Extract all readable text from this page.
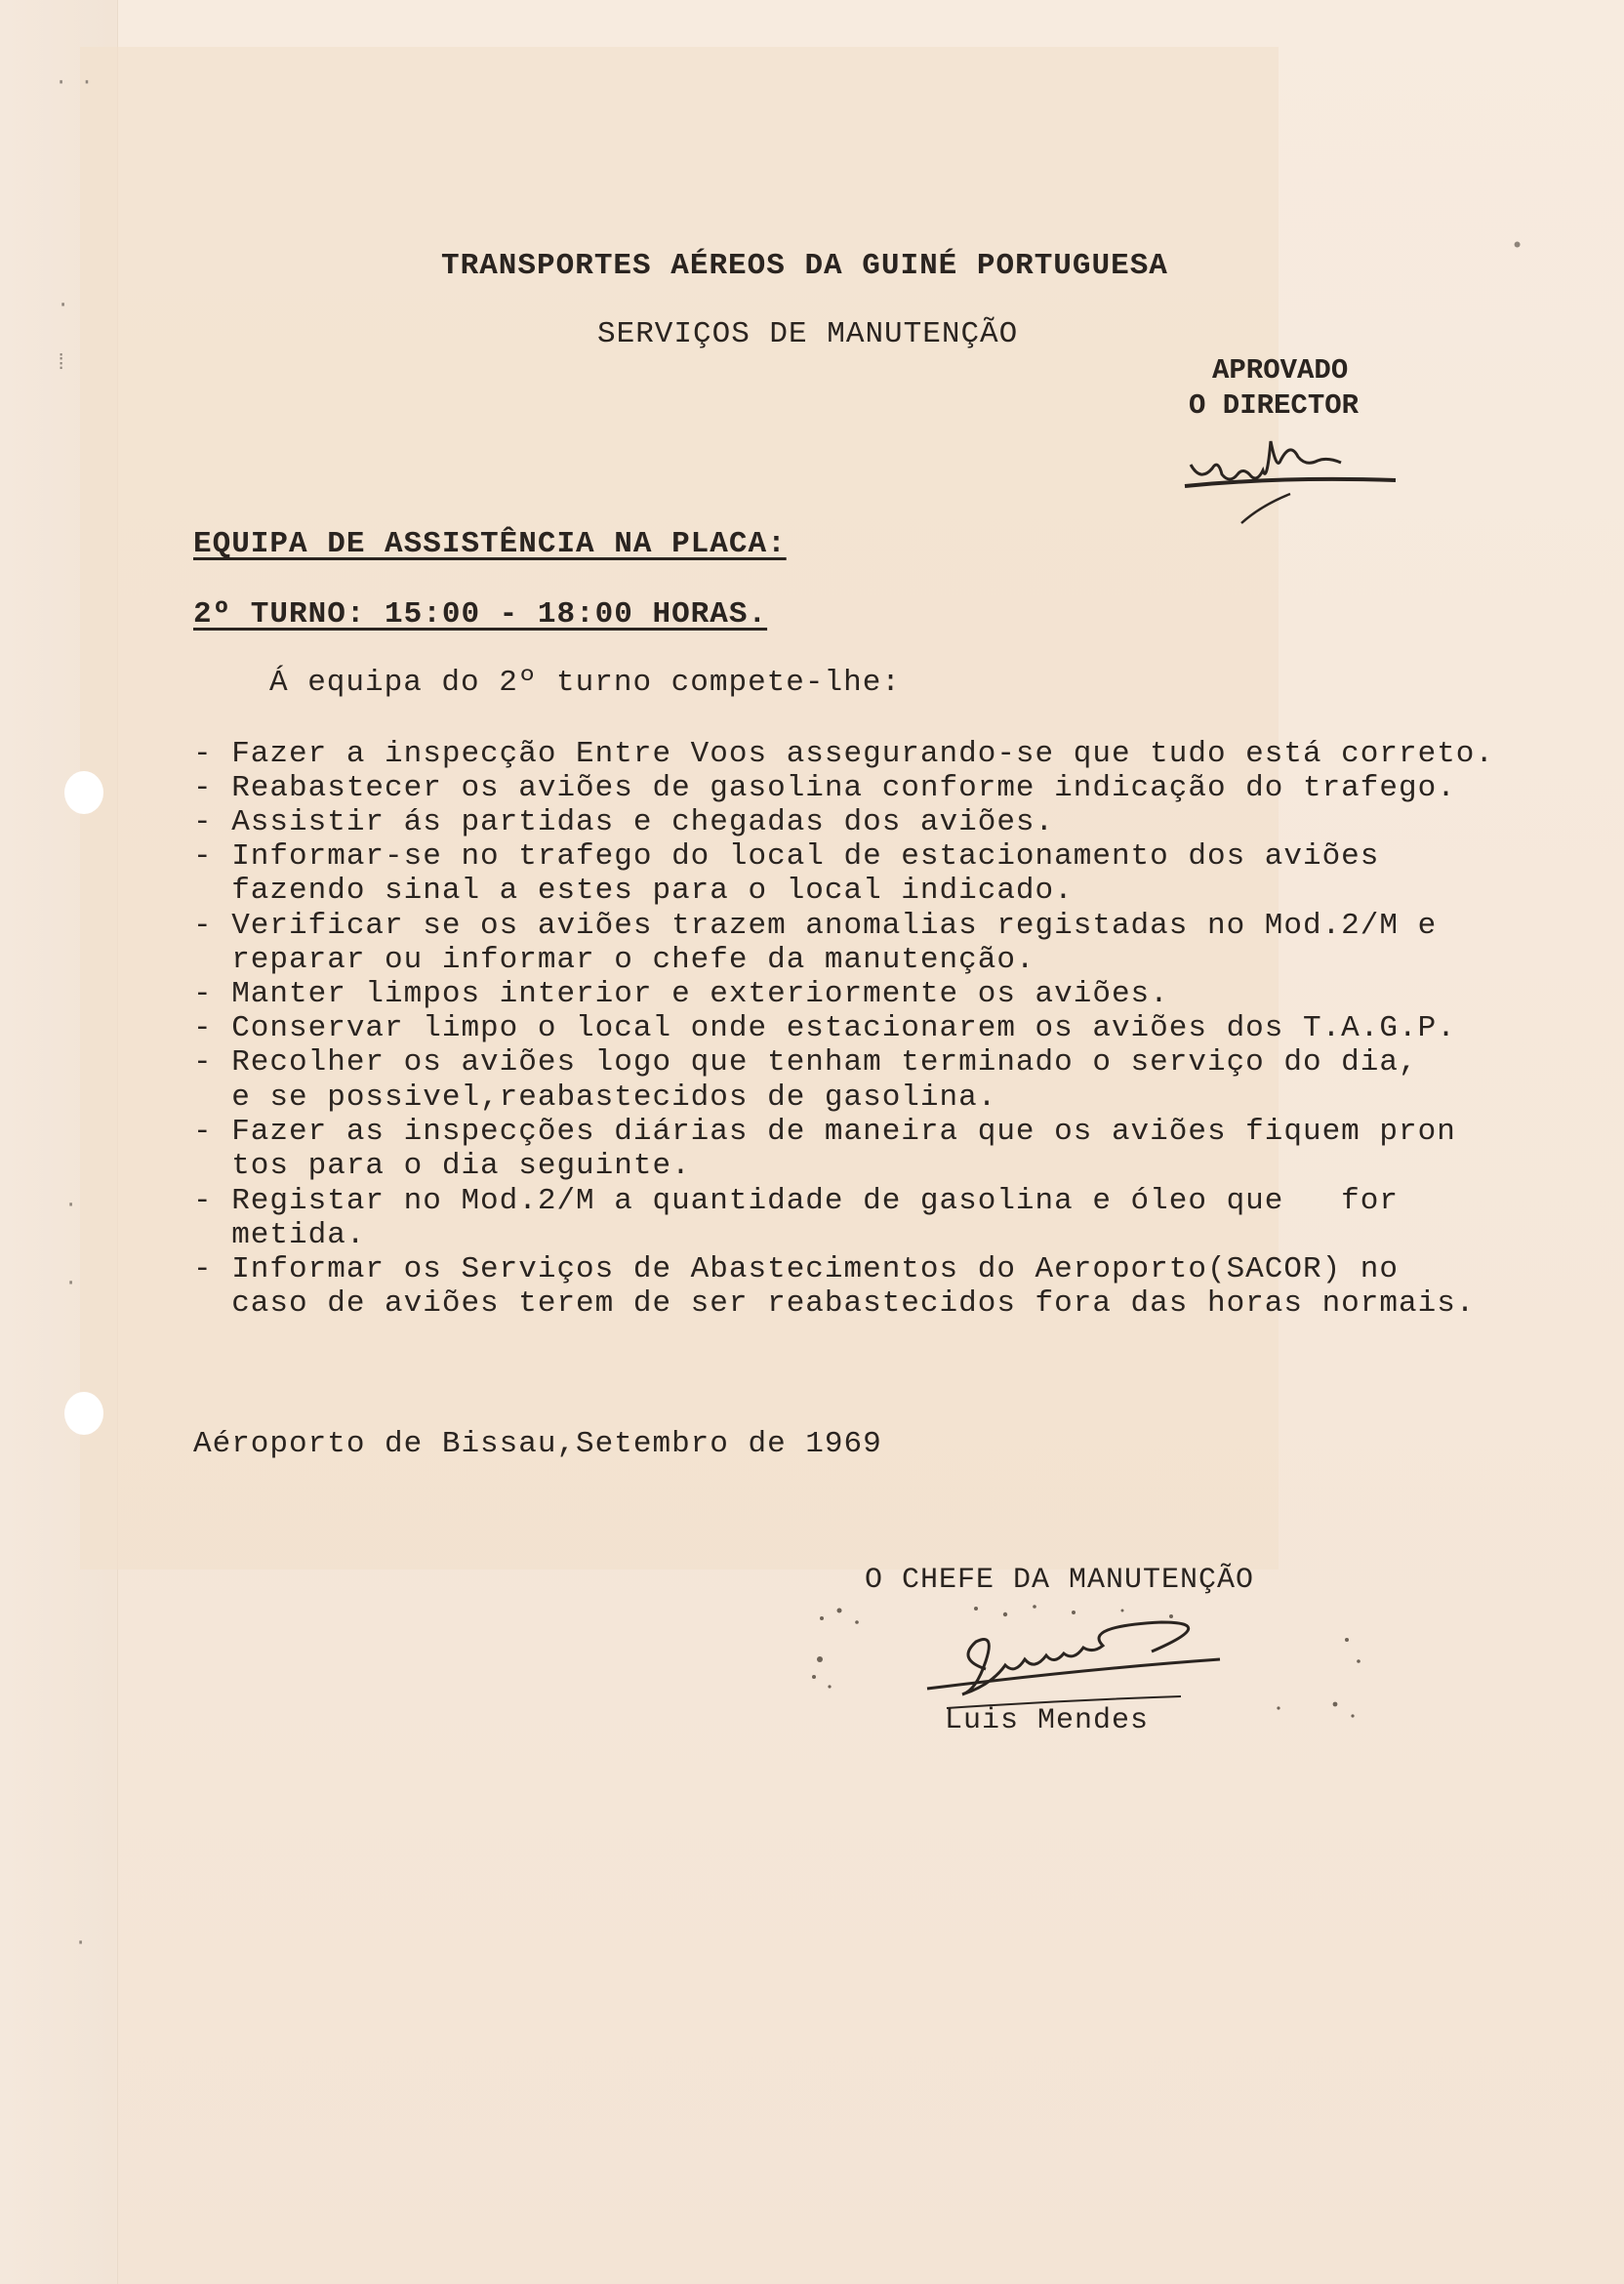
· ·
·
⁞
·
·
·
•
TRANSPORTES AÉREOS DA GUINÉ PORTUGUESA
SERVIÇOS DE MANUTENÇÃO
APROVADO
O DIRECTOR
EQUIPA DE ASSISTÊNCIA NA PLACA:
2º TURNO: 15:00 - 18:00 HORAS.
Á equipa do 2º turno compete-lhe:
- Fazer a inspecção Entre Voos assegurando-se que tudo está correto.
- Reabastecer os aviões de gasolina conforme indicação do trafego.
- Assistir ás partidas e chegadas dos aviões.
- Informar-se no trafego do local de estacionamento dos aviões
fazendo sinal a estes para o local indicado.
- Verificar se os aviões trazem anomalias registadas no Mod.2/M e
reparar ou informar o chefe da manutenção.
- Manter limpos interior e exteriormente os aviões.
- Conservar limpo o local onde estacionarem os aviões dos T.A.G.P.
- Recolher os aviões logo que tenham terminado o serviço do dia,
e se possivel,reabastecidos de gasolina.
- Fazer as inspecções diárias de maneira que os aviões fiquem pron
tos para o dia seguinte.
- Registar no Mod.2/M a quantidade de gasolina e óleo que   for
metida.
- Informar os Serviços de Abastecimentos do Aeroporto(SACOR) no
caso de aviões terem de ser reabastecidos fora das horas normais.
Aéroporto de Bissau,Setembro de 1969
O CHEFE DA MANUTENÇÃO
Luis Mendes
